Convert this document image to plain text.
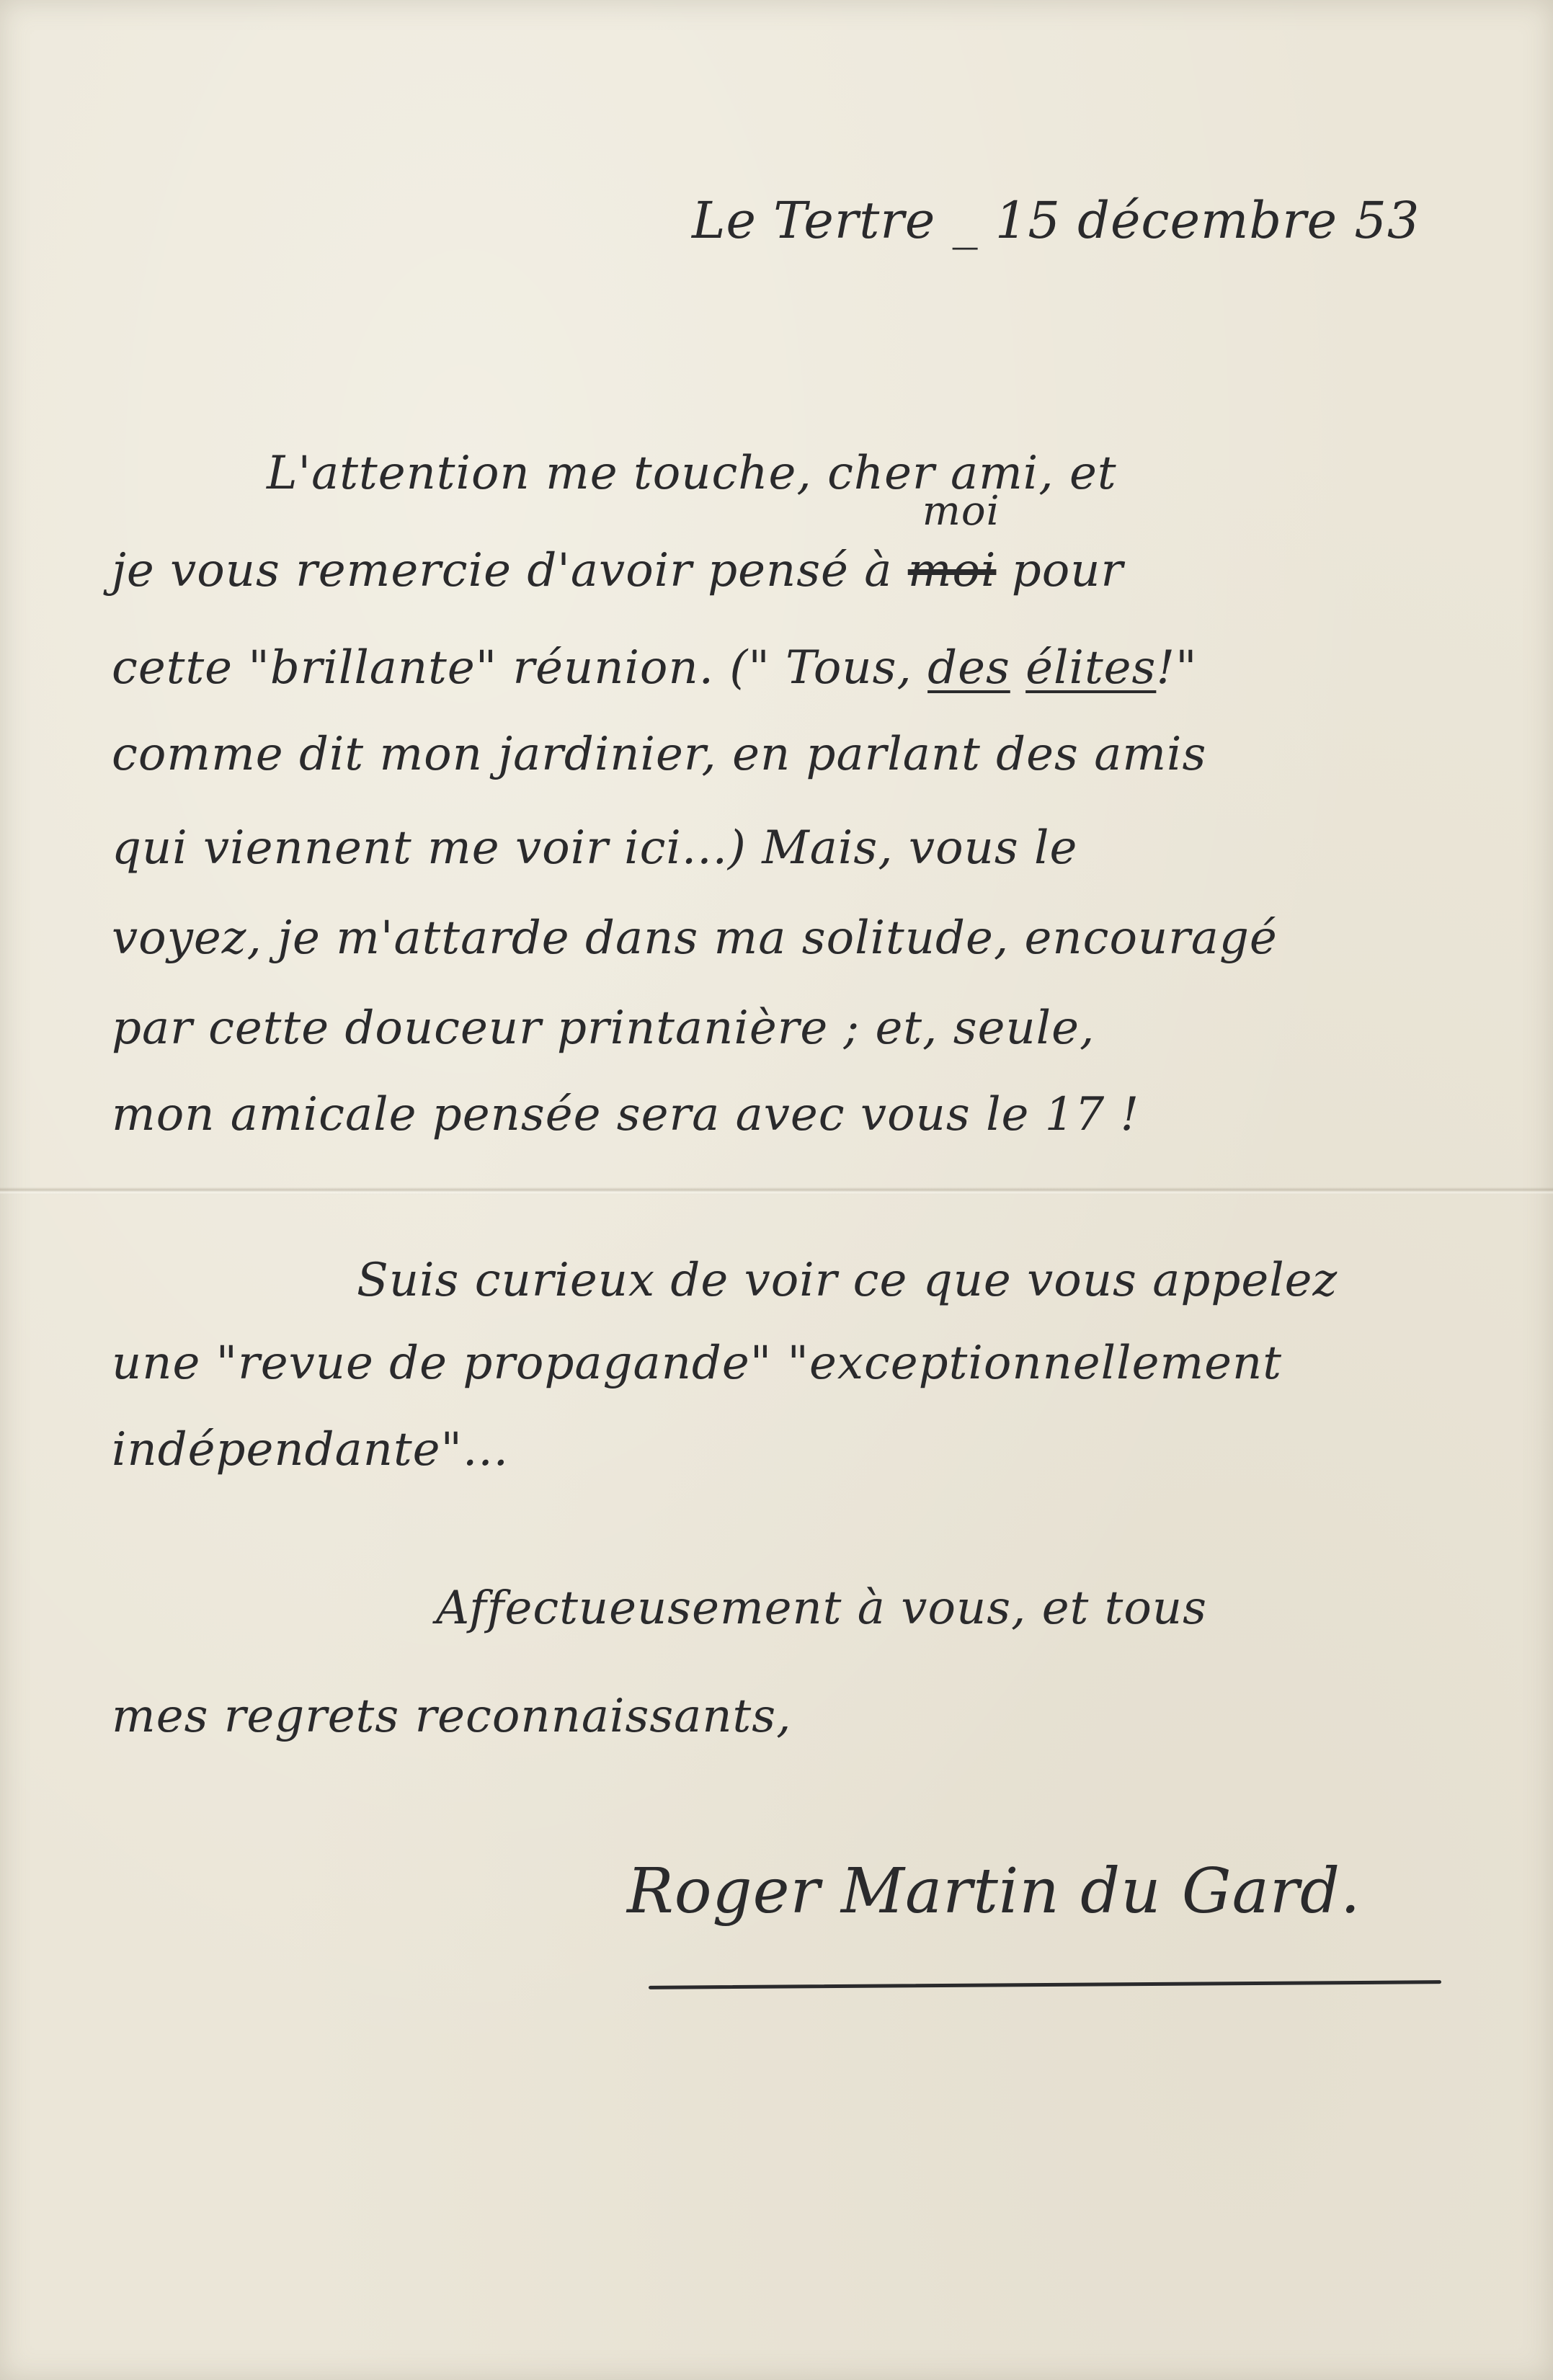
Le Tertre _ 15 décembre 53
L'attention me touche, cher ami, et
je vous remercie d'avoir pensé à
moi
moi pour
cette "brillante" réunion. (" Tous, des élites!"
comme dit mon jardinier, en parlant des amis
qui viennent me voir ici...) Mais, vous le
voyez, je m'attarde dans ma solitude, encouragé
par cette douceur printanière ; et, seule,
mon amicale pensée sera avec vous le 17 !
Suis curieux de voir ce que vous appelez
une "revue de propagande" "exceptionnellement
indépendante"...
Affectueusement à vous, et tous
mes regrets reconnaissants,
Roger Martin du Gard.
